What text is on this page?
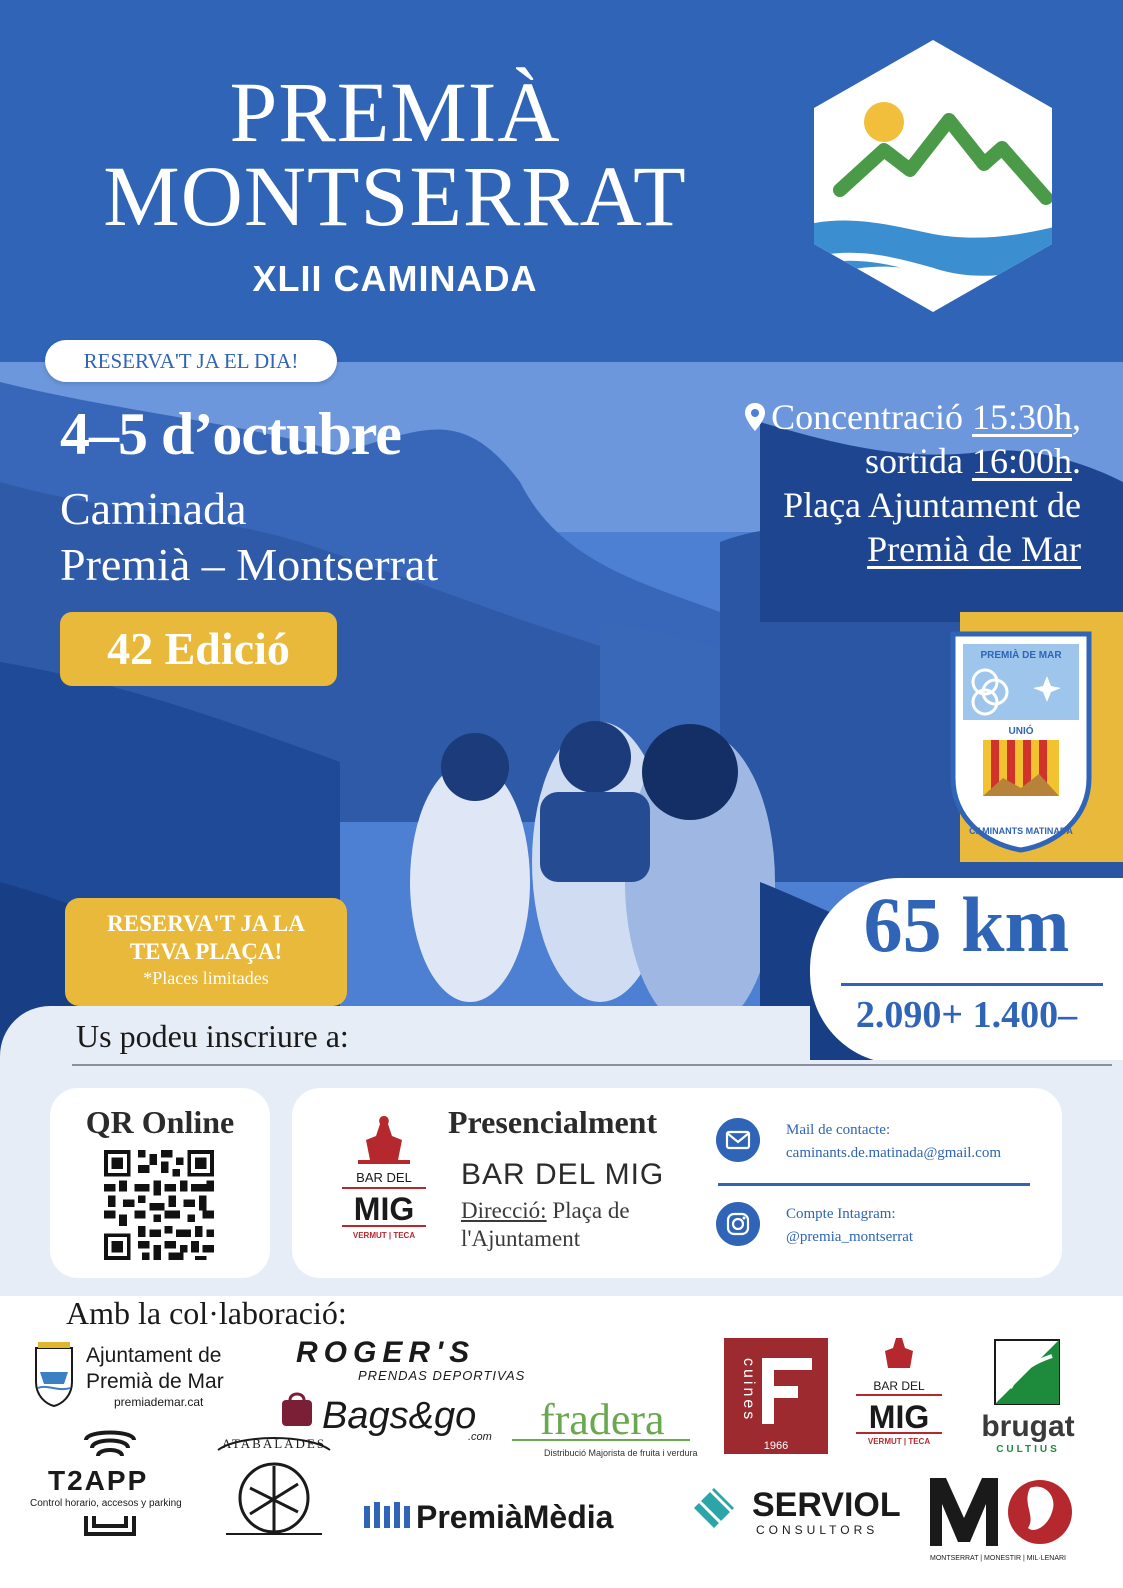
PREMIÀ
MONTSERRAT
XLII CAMINADA
RESERVA'T JA EL DIA!
4–5 d’octubre
Caminada
Premià – Montserrat
42 Edició
Concentració 15:30h,
sortida 16:00h.
Plaça Ajuntament de
Premià de Mar
PREMIÀ DE MAR
UNIÓ
CAMINANTS MATINADA
RESERVA'T JA LA
TEVA PLAÇA!
*Places limitades
65 km
2.090+ 1.400–
Us podeu inscriure a:
QR Online
BAR DEL
MIG
VERMUT | TECA
Presencialment
BAR DEL MIG
Direcció: Plaça de
l'Ajuntament
Mail de contacte:
caminants.de.matinada@gmail.com
Compte Intagram:
@premia_montserrat
Amb la col·laboració:
Ajuntament de
Premià de Mar
premiademar.cat
ROGER'S
PRENDAS DEPORTIVAS
Bags&go
.com fradera
Distribució Majorista de fruita i verdura
cuines
1966
BAR DEL
MIG
VERMUT | TECA brugat
CULTIUS
T2APP
Control horario, accesos y parking
ATABALADES
PremiàMèdia	SERVIOL
CONSULTORS
MONTSERRAT | MONESTIR | MIL·LENARI
